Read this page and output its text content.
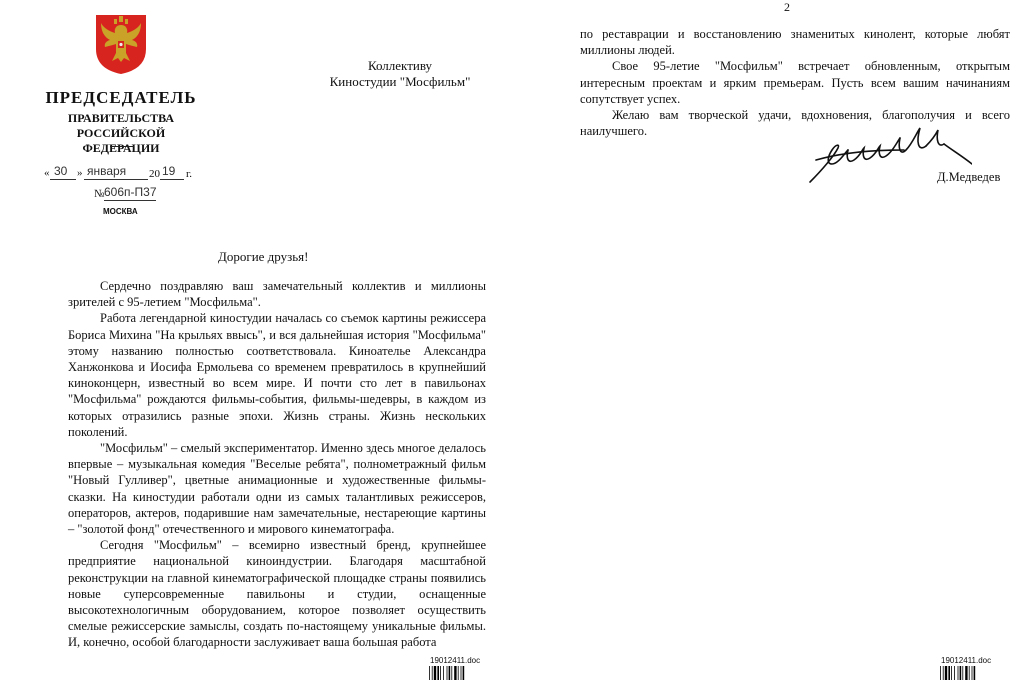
ПРЕДСЕДАТЕЛЬ
ПРАВИТЕЛЬСТВА
РОССИЙСКОЙ ФЕДЕРАЦИИ
« 30 » января 20 19 г.
№ 606п-П37
МОСКВА
Коллективу
Киностудии "Мосфильм"
Дорогие друзья!

Сердечно поздравляю ваш замечательный коллектив и миллионы зрителей с 95-летием "Мосфильма".

Работа легендарной киностудии началась со съемок картины режиссера Бориса Михина "На крыльях ввысь", и вся дальнейшая история "Мосфильма" этому названию полностью соответствовала. Киноателье Александра Ханжонкова и Иосифа Ермольева со временем превратилось в крупнейший киноконцерн, известный во всем мире. И почти сто лет в павильонах "Мосфильма" рождаются фильмы-события, фильмы-шедевры, в каждом из которых отразились разные эпохи. Жизнь страны. Жизнь нескольких поколений.

"Мосфильм" – смелый экспериментатор. Именно здесь многое делалось впервые – музыкальная комедия "Веселые ребята", полнометражный фильм "Новый Гулливер", цветные анимационные и художественные фильмы-сказки. На киностудии работали одни из самых талантливых режиссеров, операторов, актеров, подарившие нам замечательные, нестареющие картины – "золотой фонд" отечественного и мирового кинематографа.

Сегодня "Мосфильм" – всемирно известный бренд, крупнейшее предприятие национальной киноиндустрии. Благодаря масштабной реконструкции на главной кинематографической площадке страны появились новые суперсовременные павильоны и студии, оснащенные высокотехнологичным оборудованием, которое позволяет осуществить смелые режиссерские замыслы, создать по-настоящему уникальные фильмы. И, конечно, особой благодарности заслуживает ваша большая работа

19012411.doc
2

по реставрации и восстановлению знаменитых кинолент, которые любят миллионы людей.

Свое 95-летие "Мосфильм" встречает обновленным, открытым интересным проектам и ярким премьерам. Пусть всем вашим начинаниям сопутствует успех.

Желаю вам творческой удачи, вдохновения, благополучия и всего наилучшего.

Д.Медведев
19012411.doc
